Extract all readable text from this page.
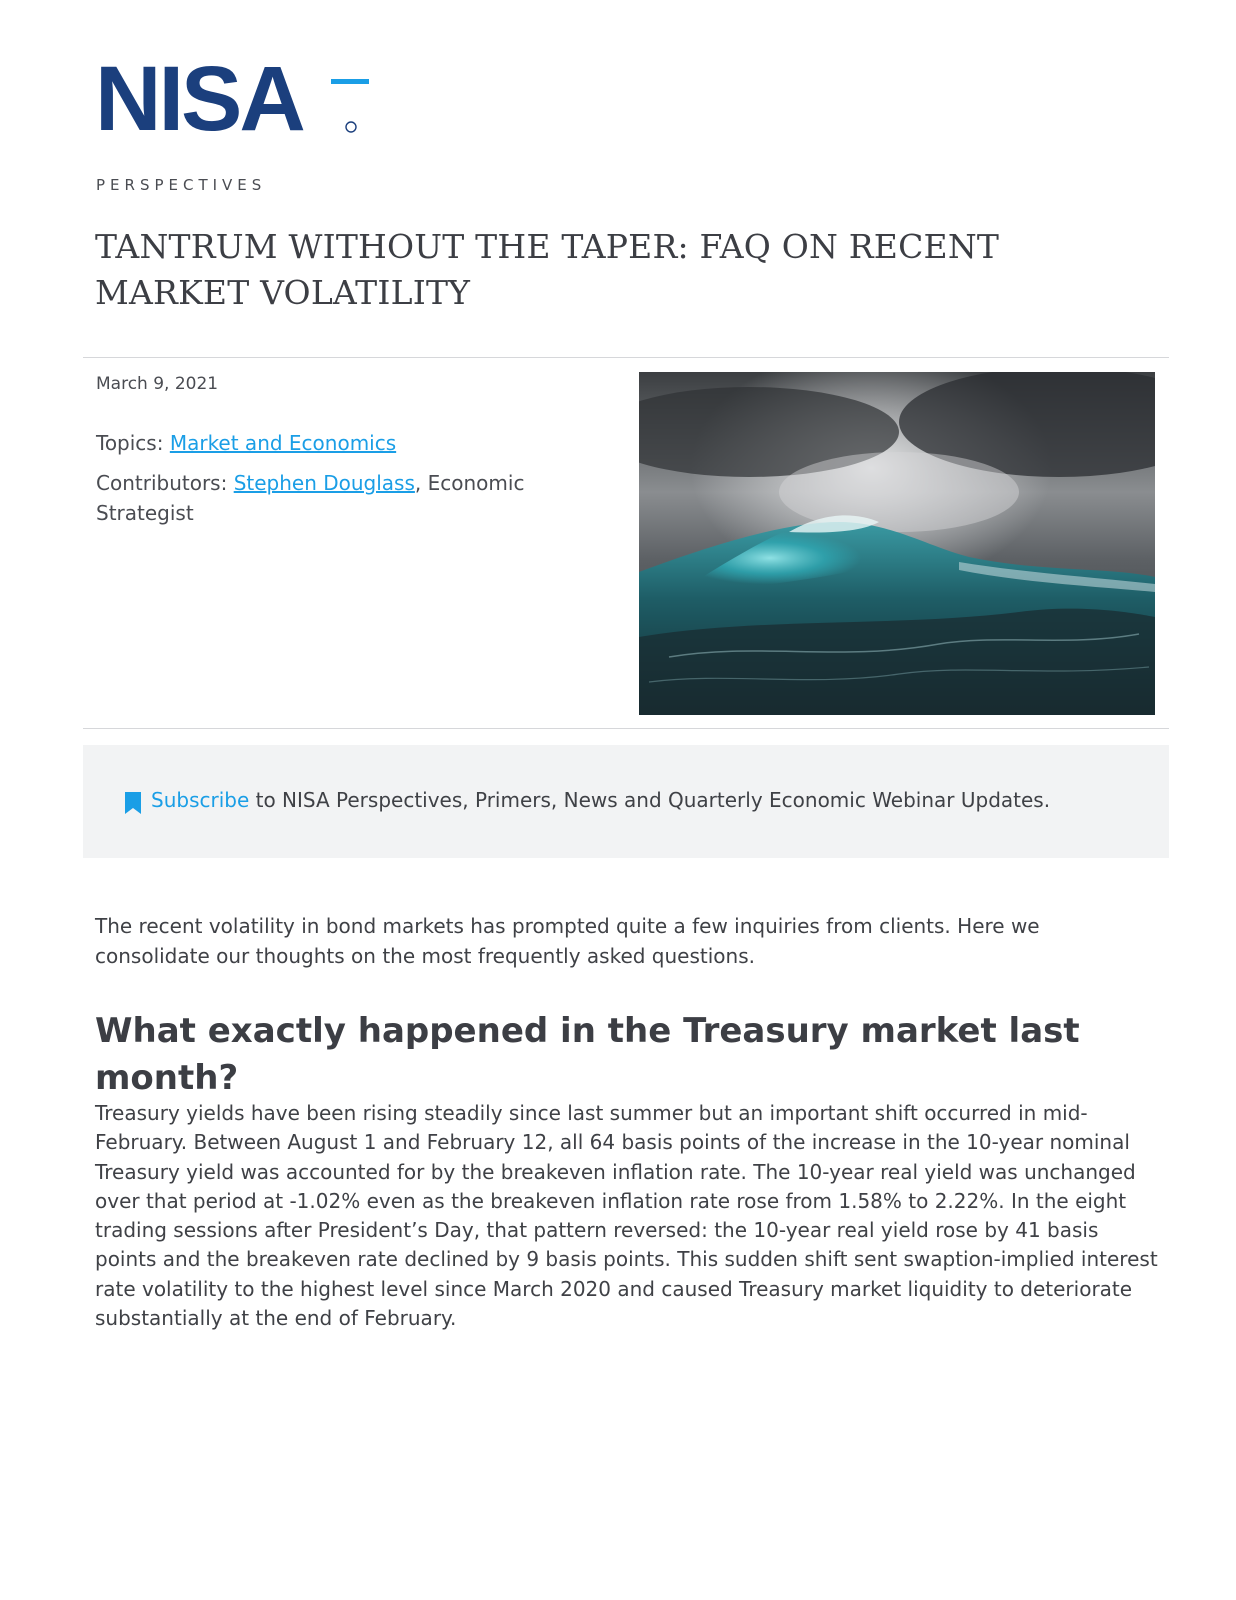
NISA
PERSPECTIVES
TANTRUM WITHOUT THE TAPER: FAQ ON RECENT MARKET VOLATILITY
March 9, 2021
Topics: Market and Economics
Contributors: Stephen Douglass, Economic Strategist
Subscribe to NISA Perspectives, Primers, News and Quarterly Economic Webinar Updates.

The recent volatility in bond markets has prompted quite a few inquiries from clients. Here we consolidate our thoughts on the most frequently asked questions.

What exactly happened in the Treasury market last month?

Treasury yields have been rising steadily since last summer but an important shift occurred in mid-February. Between August 1 and February 12, all 64 basis points of the increase in the 10-year nominal Treasury yield was accounted for by the breakeven inflation rate. The 10-year real yield was unchanged over that period at -1.02% even as the breakeven inflation rate rose from 1.58% to 2.22%. In the eight trading sessions after President’s Day, that pattern reversed: the 10-year real yield rose by 41 basis points and the breakeven rate declined by 9 basis points. This sudden shift sent swaption-implied interest rate volatility to the highest level since March 2020 and caused Treasury market liquidity to deteriorate substantially at the end of February.
